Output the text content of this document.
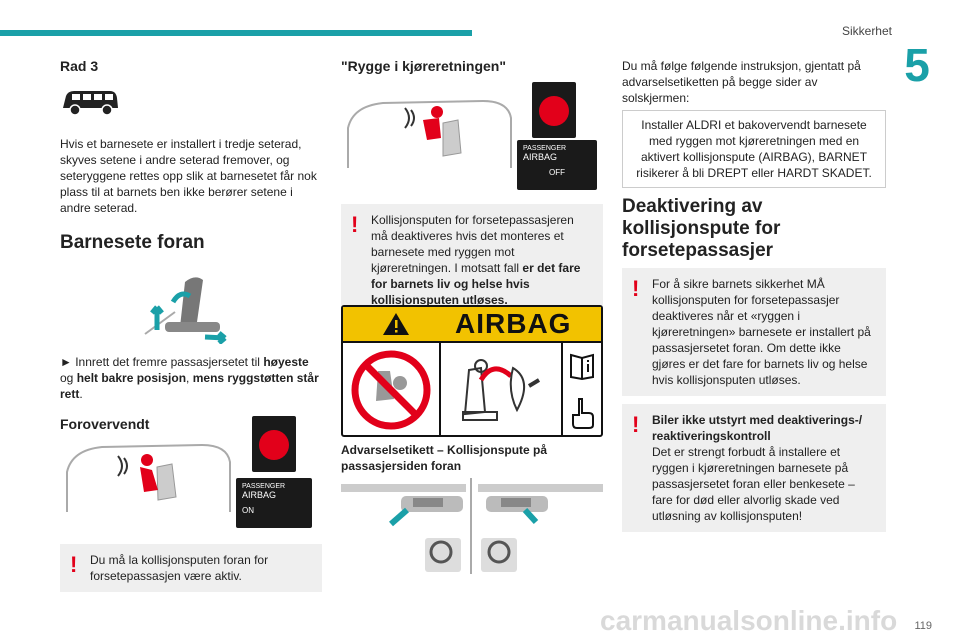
Sikkerhet
5
119
carmanualsonline.info
Rad 3

Hvis et barnesete er installert i tredje seterad, skyves setene i andre seterad fremover, og seteryggene rettes opp slik at barnesetet får nok plass til at barnets ben ikke berører setene i andre seterad.

Barnesete foran

► Innrett det fremre passasjersetet til høyeste og helt bakre posisjon, mens ryggstøtten står rett.

Forovervendt
PASSENGER
AIRBAG
ON
! Du må la kollisjonsputen foran for forsetepassasjen være aktiv.
"Rygge i kjøreretningen"
PASSENGER
AIRBAG
OFF
! Kollisjonsputen for forsetepassasjeren må deaktiveres hvis det monteres et barnesete med ryggen mot kjøreretningen. I motsatt fall er det fare for barnets liv og helse hvis kollisjonsputen utløses.
AIRBAG

Advarselsetikett – Kollisjonspute på passasjersiden foran

Du må følge følgende instruksjon, gjentatt på advarselsetiketten på begge sider av solskjermen:

Installer ALDRI et bakovervendt barnesete med ryggen mot kjøreretningen med en aktivert kollisjonspute (AIRBAG), BARNET risikerer å bli DREPT eller HARDT SKADET.
Deaktivering av kollisjonspute for forsetepassasjer
! For å sikre barnets sikkerhet MÅ kollisjonsputen for forsetepassasjer deaktiveres når et «ryggen i kjøreretningen» barnesete er installert på passasjersetet foran. Om dette ikke gjøres er det fare for barnets liv og helse hvis kollisjonsputen utløses.
! Biler ikke utstyrt med deaktiverings-/ reaktiveringskontroll
Det er strengt forbudt å installere et ryggen i kjøreretningen barnesete på passasjersetet foran eller benkesete – fare for død eller alvorlig skade ved utløsning av kollisjonsputen!
